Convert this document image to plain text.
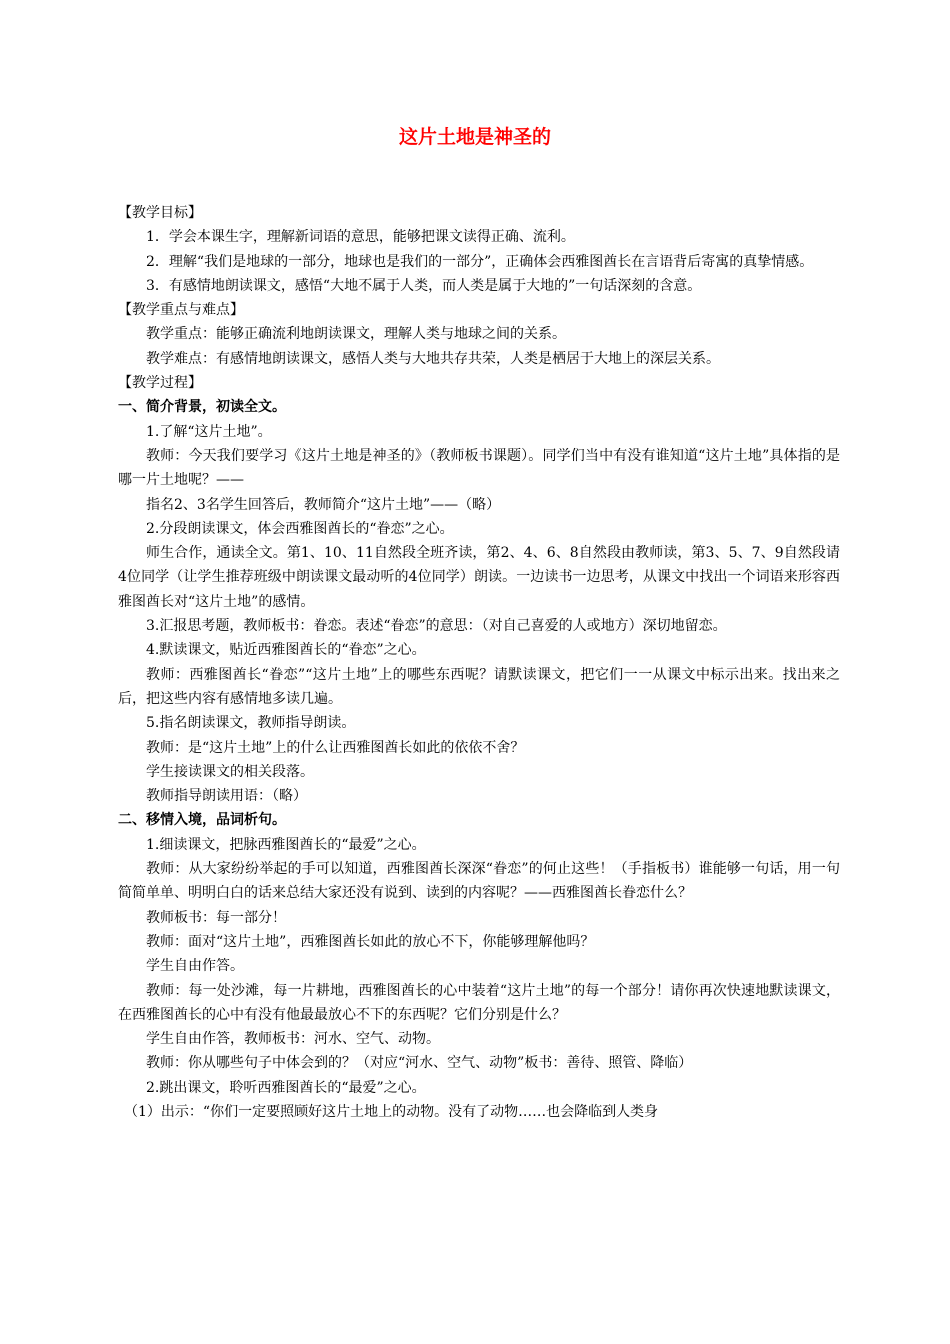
这片土地是神圣的

【教学目标】

1．学会本课生字，理解新词语的意思，能够把课文读得正确、流利。

2．理解“我们是地球的一部分，地球也是我们的一部分”，正确体会西雅图酋长在言语背后寄寓的真挚情感。

3．有感情地朗读课文，感悟“大地不属于人类，而人类是属于大地的”一句话深刻的含意。

【教学重点与难点】

教学重点：能够正确流利地朗读课文，理解人类与地球之间的关系。

教学难点：有感情地朗读课文，感悟人类与大地共存共荣，人类是栖居于大地上的深层关系。

【教学过程】

一、简介背景，初读全文。

1.了解“这片土地”。

教师：今天我们要学习《这片土地是神圣的》（教师板书课题）。同学们当中有没有谁知道“这片土地”具体指的是哪一片土地呢？——

指名2、3名学生回答后，教师简介“这片土地”——（略）

2.分段朗读课文，体会西雅图酋长的“眷恋”之心。

师生合作，通读全文。第1、10、11自然段全班齐读，第2、4、6、8自然段由教师读，第3、5、7、9自然段请4位同学（让学生推荐班级中朗读课文最动听的4位同学）朗读。一边读书一边思考，从课文中找出一个词语来形容西雅图酋长对“这片土地”的感情。

3.汇报思考题，教师板书：眷恋。表述“眷恋”的意思：（对自己喜爱的人或地方）深切地留恋。

4.默读课文，贴近西雅图酋长的“眷恋”之心。

教师：西雅图酋长“眷恋”“这片土地”上的哪些东西呢？请默读课文，把它们一一从课文中标示出来。找出来之后，把这些内容有感情地多读几遍。

5.指名朗读课文，教师指导朗读。

教师：是“这片土地”上的什么让西雅图酋长如此的依依不舍？

学生接读课文的相关段落。

教师指导朗读用语：（略）

二、移情入境，品词析句。

1.细读课文，把脉西雅图酋长的“最爱”之心。

教师：从大家纷纷举起的手可以知道，西雅图酋长深深“眷恋”的何止这些！（手指板书）谁能够一句话，用一句简简单单、明明白白的话来总结大家还没有说到、读到的内容呢？——西雅图酋长眷恋什么？

教师板书：每一部分！

教师：面对“这片土地”，西雅图酋长如此的放心不下，你能够理解他吗？

学生自由作答。

教师：每一处沙滩，每一片耕地，西雅图酋长的心中装着“这片土地”的每一个部分！请你再次快速地默读课文，在西雅图酋长的心中有没有他最最放心不下的东西呢？它们分别是什么？

学生自由作答，教师板书：河水、空气、动物。

教师：你从哪些句子中体会到的？（对应“河水、空气、动物”板书：善待、照管、降临）

2.跳出课文，聆听西雅图酋长的“最爱”之心。

（1）出示：“你们一定要照顾好这片土地上的动物。没有了动物……也会降临到人类身
